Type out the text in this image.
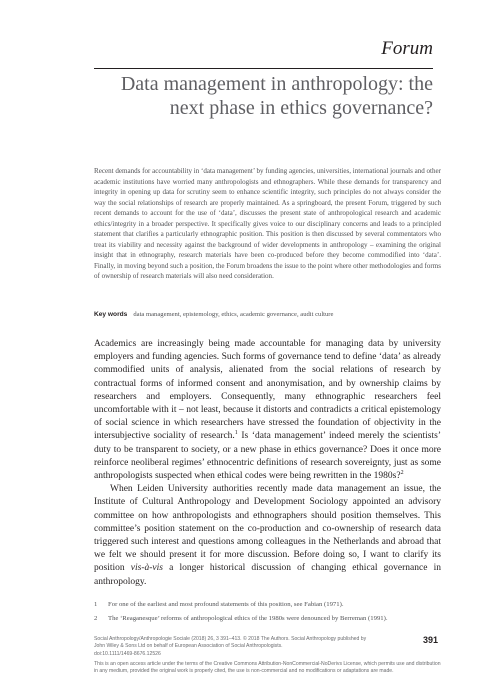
Forum
Data management in anthropology: the
next phase in ethics governance?
Recent demands for accountability in ‘data management’ by funding agencies, universities, international journals and other academic institutions have worried many anthropologists and ethnographers. While these demands for transparency and integrity in opening up data for scrutiny seem to enhance scientific integrity, such principles do not always consider the way the social relationships of research are properly maintained. As a springboard, the present Forum, triggered by such recent demands to account for the use of ‘data’, discusses the present state of anthropological research and academic ethics/integrity in a broader perspective. It specifically gives voice to our disciplinary concerns and leads to a principled statement that clarifies a particularly ethnographic position. This position is then discussed by several commentators who treat its viability and necessity against the background of wider developments in anthropology – examining the original insight that in ethnography, research materials have been co-produced before they become commodified into ‘data’. Finally, in moving beyond such a position, the Forum broadens the issue to the point where other methodologies and forms of ownership of research materials will also need consideration.
Key words data management, epistemology, ethics, academic governance, audit culture

Academics are increasingly being made accountable for managing data by university employers and funding agencies. Such forms of governance tend to define ‘data’ as already commodified units of analysis, alienated from the social relations of research by contractual forms of informed consent and anonymisation, and by ownership claims by researchers and employers. Consequently, many ethnographic researchers feel uncomfortable with it – not least, because it distorts and contradicts a critical epistemology of social science in which researchers have stressed the foundation of objectivity in the intersubjective sociality of research.$^1$ Is ‘data management’ indeed merely the scientists’ duty to be transparent to society, or a new phase in ethics governance? Does it once more reinforce neoliberal regimes’ ethnocentric definitions of research sovereignty, just as some anthropologists suspected when ethical codes were being rewritten in the 1980s?$^2$

When Leiden University authorities recently made data management an issue, the Institute of Cultural Anthropology and Development Sociology appointed an advisory committee on how anthropologists and ethnographers should position themselves. This committee’s position statement on the co-production and co-ownership of research data triggered such interest and questions among colleagues in the Netherlands and abroad that we felt we should present it for more discussion. Before doing so, I want to clarify its position vis-à-vis a longer historical discussion of changing ethical governance in anthropology.

1 For one of the earliest and most profound statements of this position, see Fabian (1971).
2 The ‘Reaganesque’ reforms of anthropological ethics of the 1980s were denounced by Berreman (1991).
Social Anthropology/Anthropologie Sociale (2018) 26, 3 391–413. © 2018 The Authors. Social Anthropology published by
John Wiley & Sons Ltd on behalf of European Association of Social Anthropologists.
doi:10.1111/1469-8676.12526
391
This is an open access article under the terms of the Creative Commons Attribution-NonCommercial-NoDerivs License, which permits use and distribution in any medium, provided the original work is properly cited, the use is non-commercial and no modifications or adaptations are made.
